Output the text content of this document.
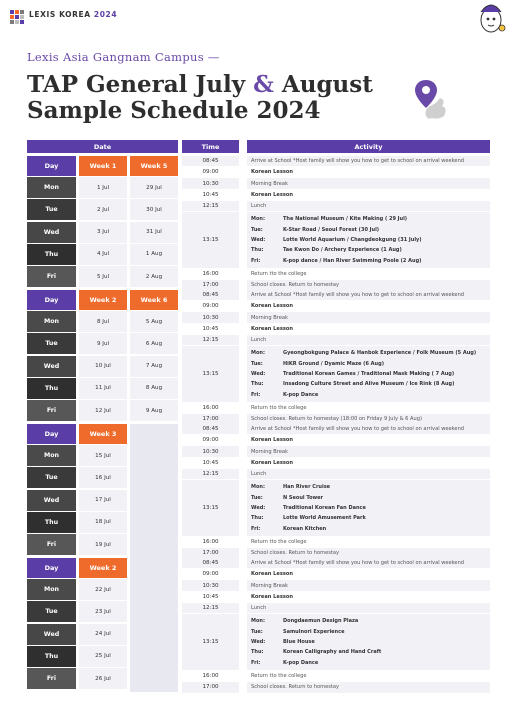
LEXIS KOREA 2024
Lexis Asia Gangnam Campus —
TAP General July & August
Sample Schedule 2024
Date	Time	Activity
Day	Week 1	Week 5
Mon	1 Jul	29 Jul
Tue	2 Jul	30 Jul
Wed	3 Jul	31 Jul
Thu	4 Jul	1 Aug
Fri	5 Jul	2 Aug
08:45	Arrive at School *Host family will show you how to get to school on arrival weekend
09:00	Korean Lesson
10:30	Morning Break
10:45	Korean Lesson
12:15	Lunch
13:15
Mon:	The National Museum / Kite Making ( 29 Jul)
Tue:	K-Star Road / Seoul Forest (30 Jul)
Wed:	Lotte World Aquarium / Changdeokgung (31 July)
Thu:	Tae Kwon Do / Archery Experience (1 Aug)
Fri:	K-pop dance / Han River Swimming Poole (2 Aug)
16:00	Return tto the college
17:00	School closes. Return to homestay
Day	Week 2	Week 6
Mon	8 Jul	5 Aug
Tue	9 Jul	6 Aug
Wed	10 Jul	7 Aug
Thu	11 Jul	8 Aug
Fri	12 Jul	9 Aug
08:45	Arrive at School *Host family will show you how to get to school on arrival weekend
09:00	Korean Lesson
10:30	Morning Break
10:45	Korean Lesson
12:15	Lunch
13:15
Mon:	Gyeongbokgung Palace & Hanbok Experience / Folk Museum (5 Aug)
Tue:	HiKR Ground / Dyamic Maze (6 Aug)
Wed:	Traditional Korean Games / Traditional Mask Making ( 7 Aug)
Thu:	Insadong Culture Street and Alive Museum / Ice Rink (8 Aug)
Fri:	K-pop Dance
16:00	Return tto the college
17:00	School closes. Return to homestay (18:00 on Friday 9 July & 6 Aug)
Day	Week 3
Mon	15 Jul
Tue	16 Jul
Wed	17 Jul
Thu	18 Jul
Fri	19 Jul
08:45	Arrive at School *Host family will show you how to get to school on arrival weekend
09:00	Korean Lesson
10:30	Morning Break
10:45	Korean Lesson
12:15	Lunch
13:15
Mon:	Han River Cruise
Tue:	N Seoul Tower
Wed:	Traditional Korean Fan Dance
Thu:	Lotte World Amusement Park
Fri:	Korean Kitchen
16:00	Return tto the college
17:00	School closes. Return to homestay
Day	Week 2
Mon	22 Jul
Tue	23 Jul
Wed	24 Jul
Thu	25 Jul
Fri	26 Jul
08:45	Arrive at School *Host family will show you how to get to school on arrival weekend
09:00	Korean Lesson
10:30	Morning Break
10:45	Korean Lesson
12:15	Lunch
13:15
Mon:	Dongdaemun Design Plaza
Tue:	Samulnori Experience
Wed:	Blue House
Thu:	Korean Calligraphy and Hand Craft
Fri:	K-pop Dance
16:00	Return tto the college
17:00	School closes. Return to homestay
